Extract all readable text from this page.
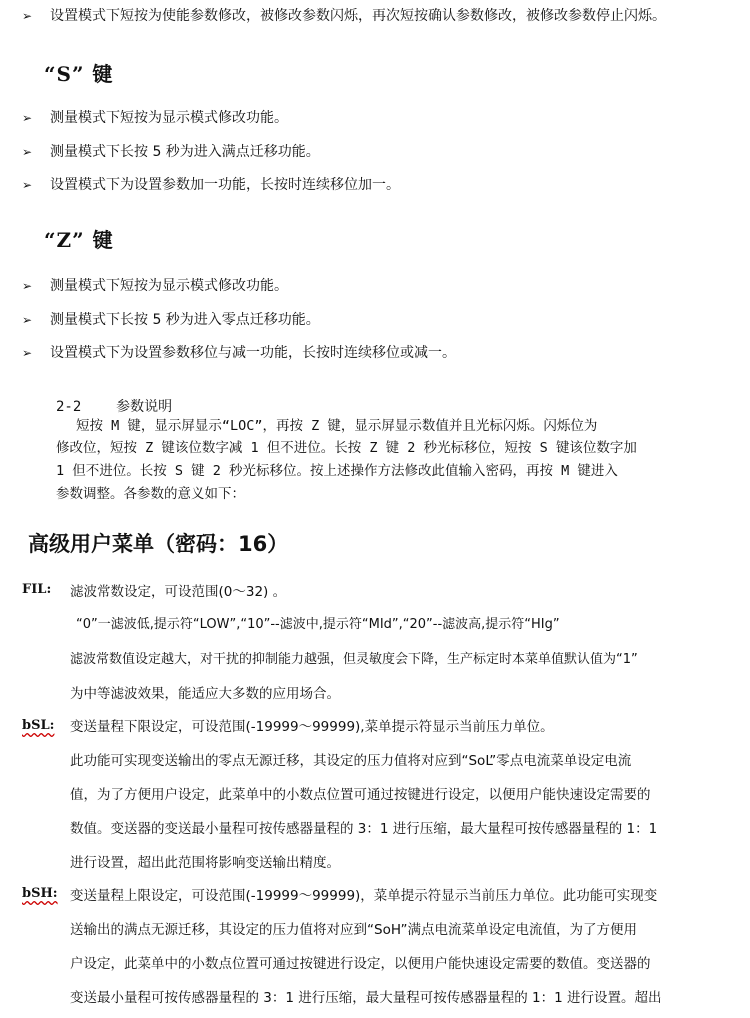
➢	设置模式下短按为使能参数修改，被修改参数闪烁，再次短按确认参数修改，被修改参数停止闪烁。
“S” 键
➢	测量模式下短按为显示模式修改功能。
➢	测量模式下长按 5 秒为进入满点迁移功能。
➢	设置模式下为设置参数加一功能，长按时连续移位加一。
“Z” 键
➢	测量模式下短按为显示模式修改功能。
➢	测量模式下长按 5 秒为进入零点迁移功能。
➢	设置模式下为设置参数移位与减一功能，长按时连续移位或减一。
2-2 参数说明
短按 M 键，显示屏显示“LOC”，再按 Z 键，显示屏显示数值并且光标闪烁。闪烁位为
修改位，短按 Z 键该位数字减 1 但不进位。长按 Z 键 2 秒光标移位，短按 S 键该位数字加
1 但不进位。长按 S 键 2 秒光标移位。按上述操作方法修改此值输入密码，再按 M 键进入
参数调整。各参数的意义如下：
高级用户菜单（密码：16）
FIL: 滤波常数设定，可设范围(0～32) 。
“0”一滤波低,提示符“LOW”,“10”--滤波中,提示符“MId”,“20”--滤波高,提示符“HIg”
滤波常数值设定越大，对干扰的抑制能力越强，但灵敏度会下降，生产标定时本菜单值默认值为“1”
为中等滤波效果，能适应大多数的应用场合。
bSL: 变送量程下限设定，可设范围(-19999～99999),菜单提示符显示当前压力单位。
此功能可实现变送输出的零点无源迁移，其设定的压力值将对应到“SoL”零点电流菜单设定电流
值，为了方便用户设定，此菜单中的小数点位置可通过按键进行设定，以便用户能快速设定需要的
数值。变送器的变送最小量程可按传感器量程的 3：1 进行压缩，最大量程可按传感器量程的 1：1
进行设置，超出此范围将影响变送输出精度。
bSH: 变送量程上限设定，可设范围(-19999～99999)，菜单提示符显示当前压力单位。此功能可实现变
送输出的满点无源迁移，其设定的压力值将对应到“SoH”满点电流菜单设定电流值，为了方便用
户设定，此菜单中的小数点位置可通过按键进行设定，以便用户能快速设定需要的数值。变送器的
变送最小量程可按传感器量程的 3：1 进行压缩，最大量程可按传感器量程的 1：1 进行设置。超出
